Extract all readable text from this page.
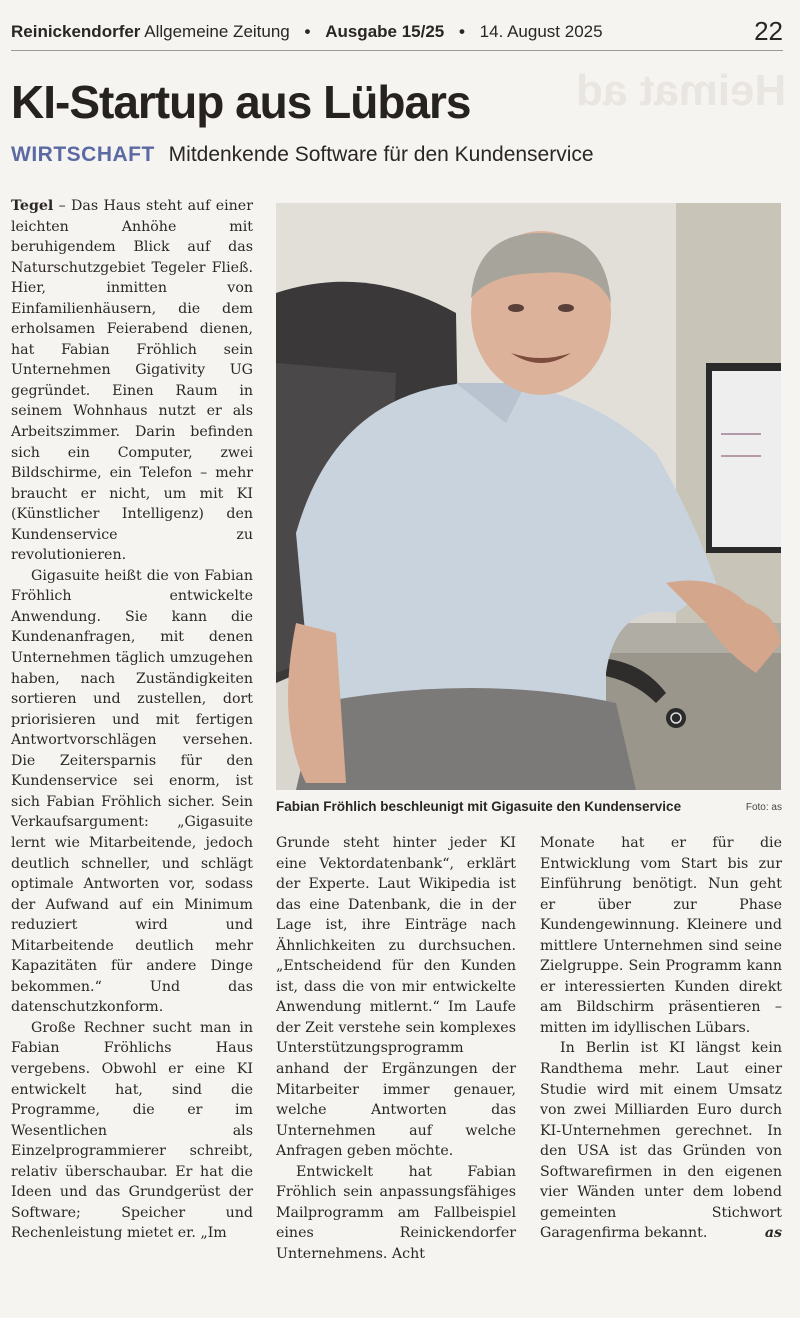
Reinickendorfer Allgemeine Zeitung • Ausgabe 15/25 • 14. August 2025	22
Heimat ad
KI-Startup aus Lübars
WIRTSCHAFT Mitdenkende Software für den Kundenservice

Tegel – Das Haus steht auf einer leichten Anhöhe mit beruhigendem Blick auf das Naturschutzgebiet Tegeler Fließ. Hier, inmitten von Einfamilienhäusern, die dem erholsamen Feierabend dienen, hat Fabian Fröhlich sein Unternehmen Gigativity UG gegründet. Einen Raum in seinem Wohnhaus nutzt er als Arbeitszimmer. Darin befinden sich ein Computer, zwei Bildschirme, ein Telefon – mehr braucht er nicht, um mit KI (Künstlicher Intelligenz) den Kundenservice zu revolutionieren.

Gigasuite heißt die von Fabian Fröhlich entwickelte Anwendung. Sie kann die Kundenanfragen, mit denen Unternehmen täglich umzugehen haben, nach Zuständigkeiten sortieren und zustellen, dort priorisieren und mit fertigen Antwortvorschlägen versehen. Die Zeitersparnis für den Kundenservice sei enorm, ist sich Fabian Fröhlich sicher. Sein Verkaufsargument: „Gigasuite lernt wie Mitarbeitende, jedoch deutlich schneller, und schlägt optimale Antworten vor, sodass der Aufwand auf ein Minimum reduziert wird und Mitarbeitende deutlich mehr Kapazitäten für andere Dinge bekommen.“ Und das datenschutzkonform.

Große Rechner sucht man in Fabian Fröhlichs Haus vergebens. Obwohl er eine KI entwickelt hat, sind die Programme, die er im Wesentlichen als Einzelprogrammierer schreibt, relativ überschaubar. Er hat die Ideen und das Grundgerüst der Software; Speicher und Rechenleistung mietet er. „Im

Fabian Fröhlich beschleunigt mit Gigasuite den Kundenservice	Foto: as

Grunde steht hinter jeder KI eine Vektordatenbank“, erklärt der Experte. Laut Wikipedia ist das eine Datenbank, die in der Lage ist, ihre Einträge nach Ähnlichkeiten zu durchsuchen. „Entscheidend für den Kunden ist, dass die von mir entwickelte Anwendung mitlernt.“ Im Laufe der Zeit verstehe sein komplexes Unterstützungsprogramm anhand der Ergänzungen der Mitarbeiter immer genauer, welche Antworten das Unternehmen auf welche Anfragen geben möchte.

Entwickelt hat Fabian Fröhlich sein anpassungsfähiges Mailprogramm am Fallbeispiel eines Reinickendorfer Unternehmens. Acht

Monate hat er für die Entwicklung vom Start bis zur Einführung benötigt. Nun geht er über zur Phase Kundengewinnung. Kleinere und mittlere Unternehmen sind seine Zielgruppe. Sein Programm kann er interessierten Kunden direkt am Bildschirm präsentieren – mitten im idyllischen Lübars.

In Berlin ist KI längst kein Randthema mehr. Laut einer Studie wird mit einem Umsatz von zwei Milliarden Euro durch KI-Unternehmen gerechnet. In den USA ist das Gründen von Softwarefirmen in den eigenen vier Wänden unter dem lobend gemeinten Stichwort Garagenfirma bekannt.	as
